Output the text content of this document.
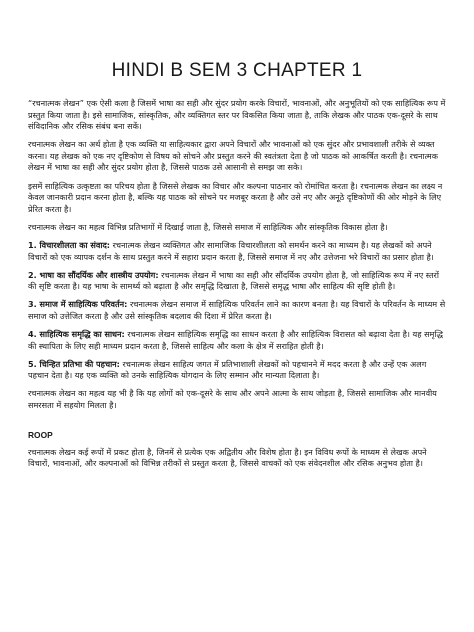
HINDI B SEM 3 CHAPTER 1

“रचनात्मक लेखन” एक ऐसी कला है जिसमें भाषा का सही और सुंदर प्रयोग करके विचारों, भावनाओं, और अनुभूतियों को एक साहित्यिक रूप में प्रस्तुत किया जाता है। इसे सामाजिक, सांस्कृतिक, और व्यक्तिगत स्तर पर विकसित किया जाता है, ताकि लेखक और पाठक एक-दूसरे के साथ संविदानिक और रसिक संबंध बना सकें।

रचनात्मक लेखन का अर्थ होता है एक व्यक्ति या साहित्यकार द्वारा अपने विचारों और भावनाओं को एक सुंदर और प्रभावशाली तरीके से व्यक्त करना। यह लेखक को एक नए दृष्टिकोण से विषय को सोचने और प्रस्तुत करने की स्वतंत्रता देता है जो पाठक को आकर्षित करती है। रचनात्मक लेखन में भाषा का सही और सुंदर प्रयोग होता है, जिससे पाठक उसे आसानी से समझ जा सके।

इसमें साहित्यिक उत्कृष्टता का परिचय होता है जिससे लेखक का विचार और कल्पना पाठनार को रोमांचित करता है। रचनात्मक लेखन का लक्ष्य न केवल जानकारी प्रदान करना होता है, बल्कि यह पाठक को सोचने पर मजबूर करता है और उसे नए और अनूठे दृष्टिकोणों की ओर मोड़ने के लिए प्रेरित करता है।

रचनात्मक लेखन का महत्व विभिन्न प्रतिभागों में दिखाई जाता है, जिससे समाज में साहित्यिक और सांस्कृतिक विकास होता है।

1. विचारशीलता का संवाद: रचनात्मक लेखन व्यक्तिगत और सामाजिक विचारशीलता को समर्थन करने का माध्यम है। यह लेखकों को अपने विचारों को एक व्यापक दर्शन के साथ प्रस्तुत करने में सहारा प्रदान करता है, जिससे समाज में नए और उत्तेजना भरे विचारों का प्रसार होता है।

2. भाषा का सौंदर्यिक और शास्त्रीय उपयोग: रचनात्मक लेखन में भाषा का सही और सौंदर्यिक उपयोग होता है, जो साहित्यिक रूप में नए स्तरों की सृष्टि करता है। यह भाषा के सामर्थ्य को बढ़ाता है और समृद्धि दिखाता है, जिससे समृद्ध भाषा और साहित्य की सृष्टि होती है।

3. समाज में साहित्यिक परिवर्तन: रचनात्मक लेखन समाज में साहित्यिक परिवर्तन लाने का कारण बनता है। यह विचारों के परिवर्तन के माध्यम से समाज को उत्तेजित करता है और उसे सांस्कृतिक बदलाव की दिशा में प्रेरित करता है।

4. साहित्यिक समृद्धि का साधन: रचनात्मक लेखन साहित्यिक समृद्धि का साधन करता है और साहित्यिक विरासत को बढ़ावा देता है। यह समृद्धि की स्थापिता के लिए सही माध्यम प्रदान करता है, जिससे साहित्य और कला के क्षेत्र में सराहित होती है।

5. चिन्हित प्रतिभा की पहचान: रचनात्मक लेखन साहित्य जगत में प्रतिभाशाली लेखकों को पहचानने में मदद करता है और उन्हें एक अलग पहचान देता है। यह एक व्यक्ति को उनके साहित्यिक योगदान के लिए सम्मान और मान्यता दिलाता है।

रचनात्मक लेखन का महत्व यह भी है कि यह लोगों को एक-दूसरे के साथ और अपने आत्मा के साथ जोड़ता है, जिससे सामाजिक और मानवीय समरसता में सहयोग मिलता है।

ROOP

रचनात्मक लेखन कई रूपों में प्रकट होता है, जिनमें से प्रत्येक एक अद्वितीय और विशेष होता है। इन विविध रूपों के माध्यम से लेखक अपने विचारों, भावनाओं, और कल्पनाओं को विभिन्न तरीकों से प्रस्तुत करता है, जिससे वाचकों को एक संवेदनशील और रसिक अनुभव होता है।
